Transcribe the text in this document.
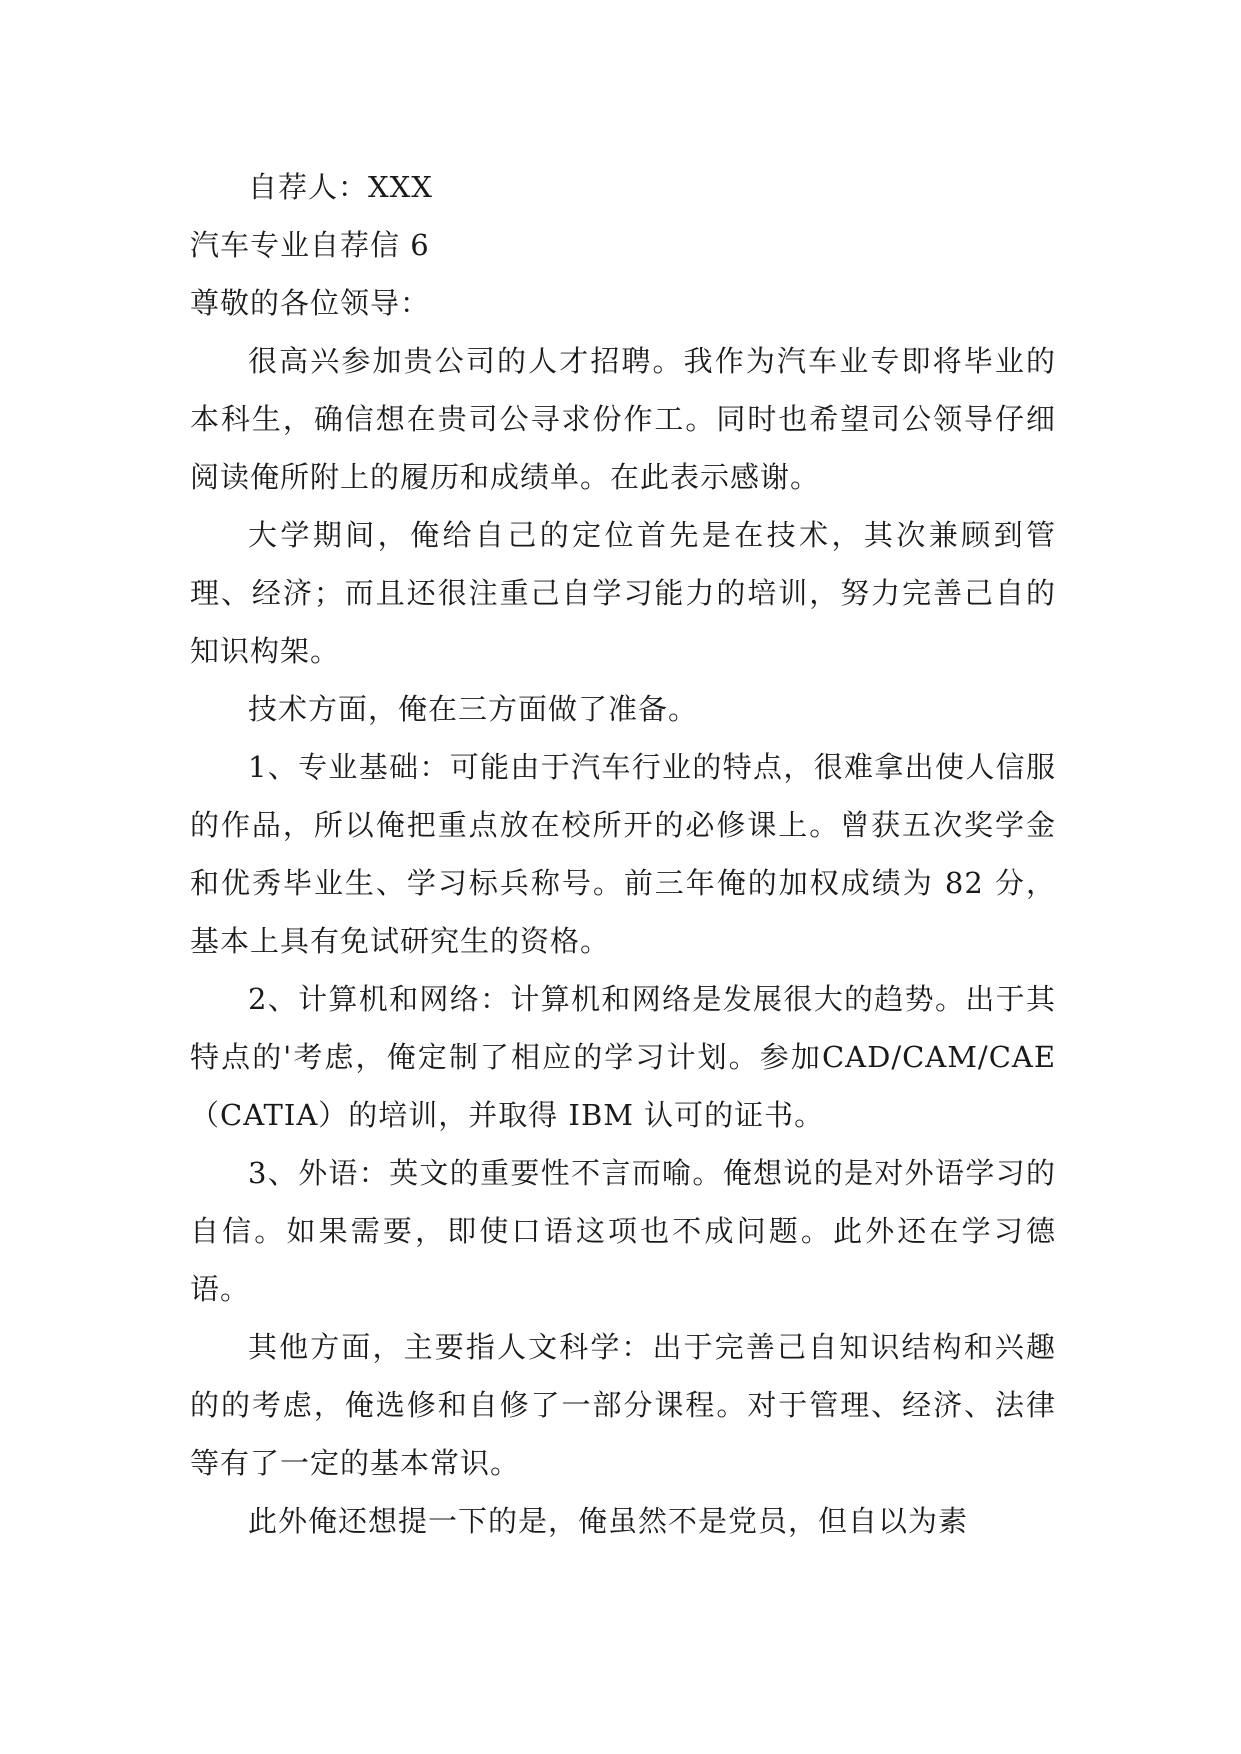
自荐人：XXX

汽车专业自荐信 6

尊敬的各位领导：

很高兴参加贵公司的人才招聘。我作为汽车业专即将毕业的本科生，确信想在贵司公寻求份作工。同时也希望司公领导仔细阅读俺所附上的履历和成绩单。在此表示感谢。

大学期间，俺给自己的定位首先是在技术，其次兼顾到管理、经济；而且还很注重己自学习能力的培训，努力完善己自的知识构架。

技术方面，俺在三方面做了准备。

1、专业基础：可能由于汽车行业的特点，很难拿出使人信服的作品，所以俺把重点放在校所开的必修课上。曾获五次奖学金和优秀毕业生、学习标兵称号。前三年俺的加权成绩为 82 分，基本上具有免试研究生的资格。

2、计算机和网络：计算机和网络是发展很大的趋势。出于其特点的'考虑，俺定制了相应的学习计划。参加CAD/CAM/CAE（CATIA）的培训，并取得 IBM 认可的证书。

3、外语：英文的重要性不言而喻。俺想说的是对外语学习的自信。如果需要，即使口语这项也不成问题。此外还在学习德语。

其他方面，主要指人文科学：出于完善己自知识结构和兴趣的的考虑，俺选修和自修了一部分课程。对于管理、经济、法律等有了一定的基本常识。

此外俺还想提一下的是，俺虽然不是党员，但自以为素
